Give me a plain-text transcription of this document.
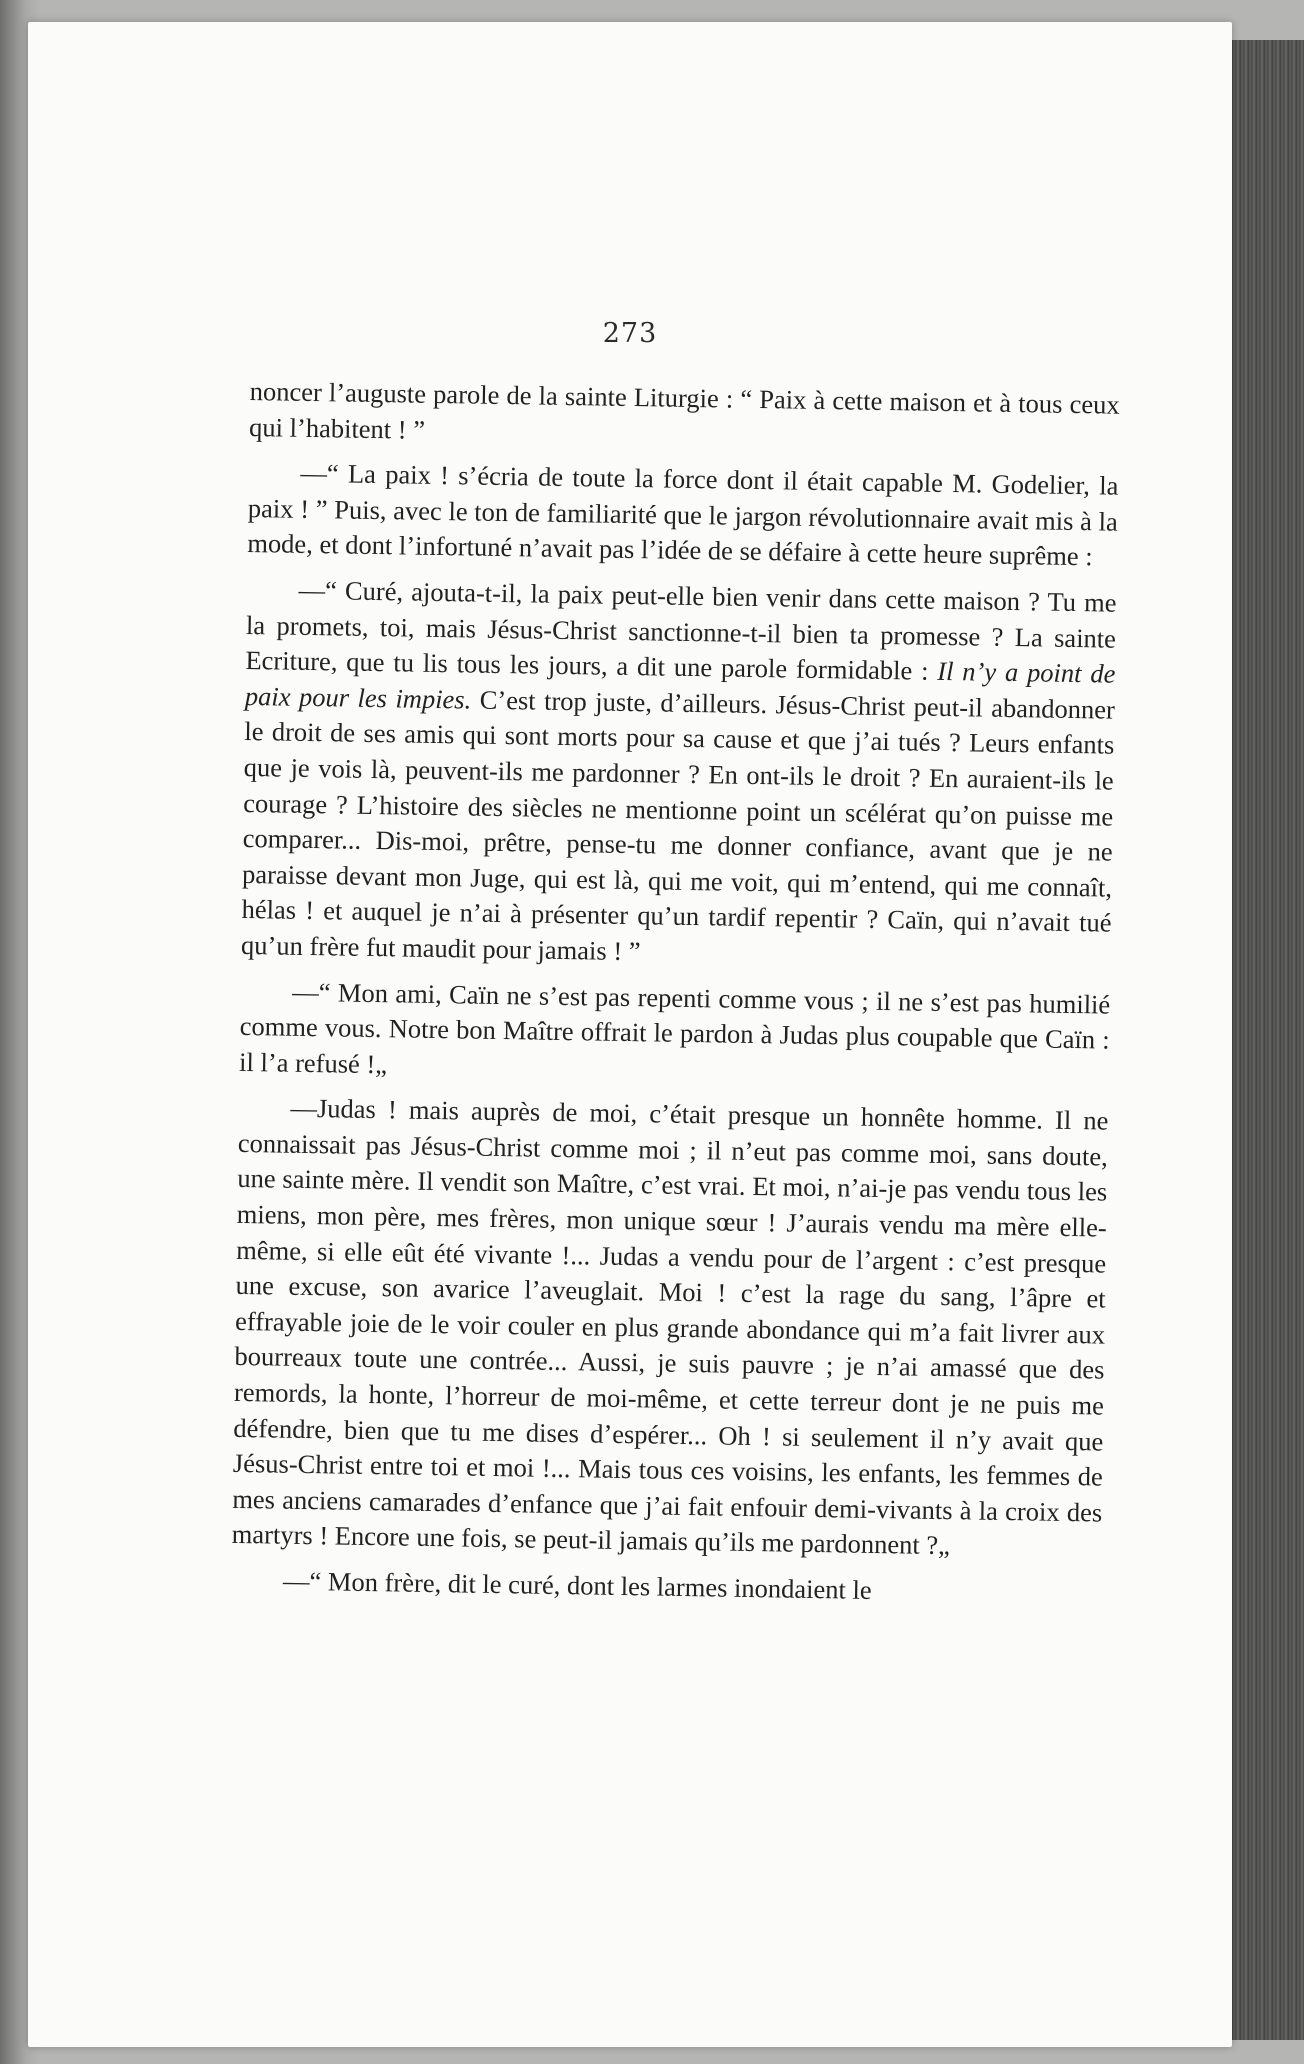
273

noncer l’auguste parole de la sainte Liturgie : “ Paix à cette maison et à tous ceux qui l’habitent ! ”

—“ La paix ! s’écria de toute la force dont il était capable M. Godelier, la paix ! ” Puis, avec le ton de familiarité que le jargon révolutionnaire avait mis à la mode, et dont l’infortuné n’avait pas l’idée de se défaire à cette heure suprême :

—“ Curé, ajouta-t-il, la paix peut-elle bien venir dans cette maison ? Tu me la promets, toi, mais Jésus-Christ sanctionne-t-il bien ta promesse ? La sainte Ecriture, que tu lis tous les jours, a dit une parole formidable : Il n’y a point de paix pour les impies. C’est trop juste, d’ailleurs. Jésus-Christ peut-il abandonner le droit de ses amis qui sont morts pour sa cause et que j’ai tués ? Leurs enfants que je vois là, peuvent-ils me pardonner ? En ont-ils le droit ? En auraient-ils le courage ? L’histoire des siècles ne mentionne point un scélérat qu’on puisse me comparer... Dis-moi, prêtre, pense-tu me donner confiance, avant que je ne paraisse devant mon Juge, qui est là, qui me voit, qui m’entend, qui me connaît, hélas ! et auquel je n’ai à présenter qu’un tardif repentir ? Caïn, qui n’avait tué qu’un frère fut maudit pour jamais ! ”

—“ Mon ami, Caïn ne s’est pas repenti comme vous ; il ne s’est pas humilié comme vous. Notre bon Maître offrait le pardon à Judas plus coupable que Caïn : il l’a refusé !„

—Judas ! mais auprès de moi, c’était presque un honnête homme. Il ne connaissait pas Jésus-Christ comme moi ; il n’eut pas comme moi, sans doute, une sainte mère. Il vendit son Maître, c’est vrai. Et moi, n’ai-je pas vendu tous les miens, mon père, mes frères, mon unique sœur ! J’aurais vendu ma mère elle-même, si elle eût été vivante !... Judas a vendu pour de l’argent : c’est presque une excuse, son avarice l’aveuglait. Moi ! c’est la rage du sang, l’âpre et effrayable joie de le voir couler en plus grande abondance qui m’a fait livrer aux bourreaux toute une contrée... Aussi, je suis pauvre ; je n’ai amassé que des remords, la honte, l’horreur de moi-même, et cette terreur dont je ne puis me défendre, bien que tu me dises d’espérer... Oh ! si seulement il n’y avait que Jésus-Christ entre toi et moi !... Mais tous ces voisins, les enfants, les femmes de mes anciens camarades d’enfance que j’ai fait enfouir demi-vivants à la croix des martyrs ! Encore une fois, se peut-il jamais qu’ils me pardonnent ?„

—“ Mon frère, dit le curé, dont les larmes inondaient le
